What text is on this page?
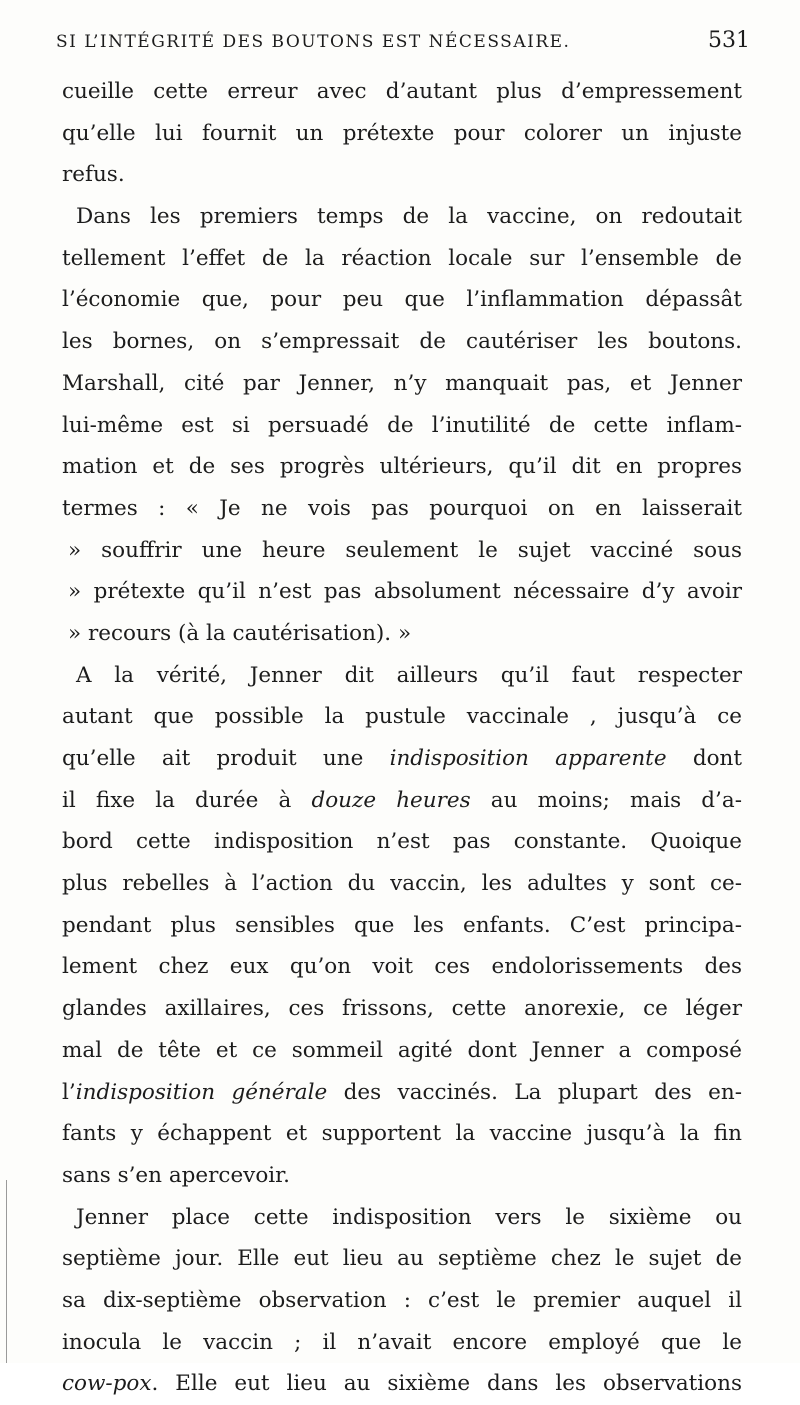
SI L’INTÉGRITÉ DES BOUTONS EST NÉCESSAIRE.	531
cueille cette erreur avec d’autant plus d’empressement
qu’elle lui fournit un prétexte pour colorer un injuste
refus.
Dans les premiers temps de la vaccine, on redoutait
tellement l’effet de la réaction locale sur l’ensemble de
l’économie que, pour peu que l’inflammation dépassât
les bornes, on s’empressait de cautériser les boutons.
Marshall, cité par Jenner, n’y manquait pas, et Jenner
lui-même est si persuadé de l’inutilité de cette inflam-
mation et de ses progrès ultérieurs, qu’il dit en propres
termes : « Je ne vois pas pourquoi on en laisserait
» souffrir une heure seulement le sujet vacciné sous
» prétexte qu’il n’est pas absolument nécessaire d’y avoir
» recours (à la cautérisation). »
A la vérité, Jenner dit ailleurs qu’il faut respecter
autant que possible la pustule vaccinale , jusqu’à ce
qu’elle ait produit une indisposition apparente dont
il fixe la durée à douze heures au moins; mais d’a-
bord cette indisposition n’est pas constante. Quoique
plus rebelles à l’action du vaccin, les adultes y sont ce-
pendant plus sensibles que les enfants. C’est principa-
lement chez eux qu’on voit ces endolorissements des
glandes axillaires, ces frissons, cette anorexie, ce léger
mal de tête et ce sommeil agité dont Jenner a composé
l’indisposition générale des vaccinés. La plupart des en-
fants y échappent et supportent la vaccine jusqu’à la fin
sans s’en apercevoir.
Jenner place cette indisposition vers le sixième ou
septième jour. Elle eut lieu au septième chez le sujet de
sa dix-septième observation : c’est le premier auquel il
inocula le vaccin ; il n’avait encore employé que le
cow-pox. Elle eut lieu au sixième dans les observations
